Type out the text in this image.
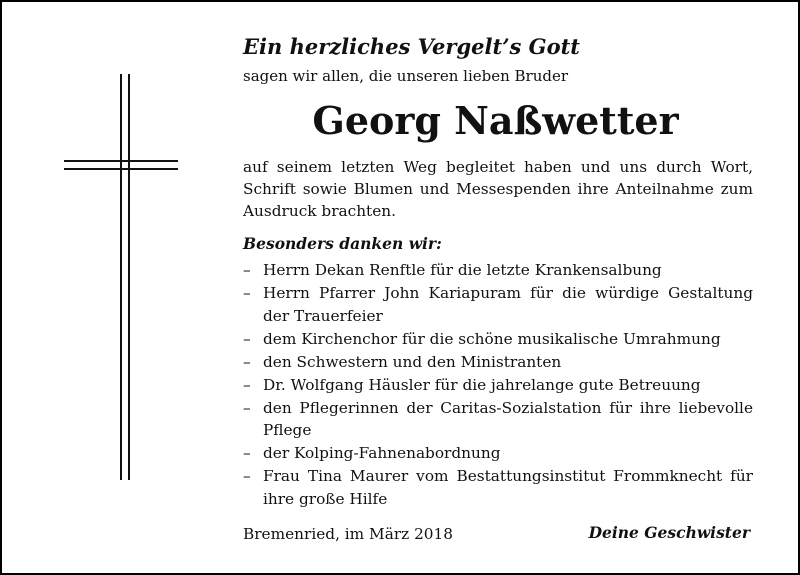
Ein herzliches Vergelt’s Gott
sagen wir allen, die unseren lieben Bruder
Georg Naßwetter
auf seinem letzten Weg begleitet haben und uns durch Wort, Schrift sowie Blumen und Messespenden ihre Anteilnahme zum Ausdruck brachten.
Besonders danken wir:
– Herrn Dekan Renftle für die letzte Krankensalbung
– Herrn Pfarrer John Kariapuram für die würdige Gestaltung der Trauerfeier
– dem Kirchenchor für die schöne musikalische Umrahmung
– den Schwestern und den Ministranten
– Dr. Wolfgang Häusler für die jahrelange gute Betreuung
– den Pflegerinnen der Caritas-Sozialstation für ihre liebevolle Pflege
– der Kolping-Fahnenabordnung
– Frau Tina Maurer vom Bestattungsinstitut Frommknecht für ihre große Hilfe
Bremenried, im März 2018	Deine Geschwister
